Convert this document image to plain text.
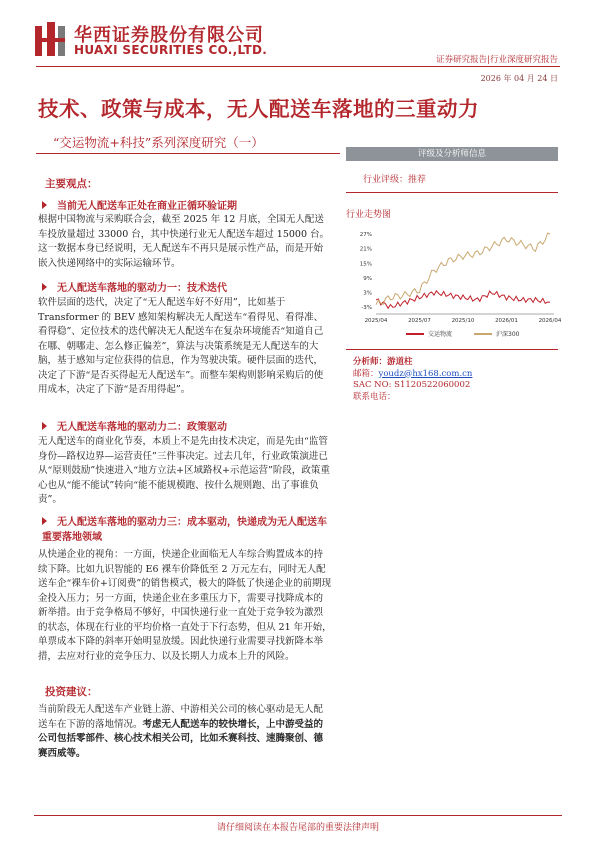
华西证券股份有限公司
HUAXI SECURITIES CO.,LTD.
证券研究报告|行业深度研究报告
2026 年 04 月 24 日
技术、政策与成本，无人配送车落地的三重动力
“交运物流+科技”系列深度研究（一）
主要观点：
当前无人配送车正处在商业正循环验证期
根据中国物流与采购联合会，截至 2025 年 12 月底，全国无人配送车投放量超过 33000 台，其中快递行业无人配送车超过 15000 台。这一数据本身已经说明，无人配送车不再只是展示性产品，而是开始嵌入快递网络中的实际运输环节。
无人配送车落地的驱动力一：技术迭代
软件层面的迭代，决定了“无人配送车好不好用”，比如基于 Transformer 的 BEV 感知架构解决无人配送车“看得见、看得准、看得稳”、定位技术的迭代解决无人配送车在复杂环境能否“知道自己在哪、朝哪走、怎么修正偏差”，算法与决策系统是无人配送车的大脑，基于感知与定位获得的信息，作为驾驶决策。硬件层面的迭代，决定了下游“是否买得起无人配送车”。而整车架构则影响采购后的使用成本，决定了下游“是否用得起”。
无人配送车落地的驱动力二：政策驱动
无人配送车的商业化节奏，本质上不是先由技术决定，而是先由“监管身份—路权边界—运营责任”三件事决定。过去几年，行业政策演进已从“原则鼓励”快速进入“地方立法+区域路权+示范运营”阶段，政策重心也从“能不能试”转向“能不能规模跑、按什么规则跑、出了事谁负责”。
无人配送车落地的驱动力三：成本驱动，快递成为无人配送车重要落地领域
从快递企业的视角：一方面，快递企业面临无人车综合购置成本的持续下降。比如九识智能的 E6 裸车价降低至 2 万元左右，同时无人配送车企“裸车价+订阅费”的销售模式，极大的降低了快递企业的前期现金投入压力；另一方面，快递企业在多重压力下，需要寻找降成本的新举措。由于竞争格局不够好，中国快递行业一直处于竞争较为激烈的状态，体现在行业的平均价格一直处于下行态势，但从 21 年开始，单票成本下降的斜率开始明显放缓。因此快递行业需要寻找新降本举措，去应对行业的竞争压力、以及长期人力成本上升的风险。
投资建议：
当前阶段无人配送车产业链上游、中游相关公司的核心驱动是无人配送车在下游的落地情况。考虑无人配送车的较快增长，上中游受益的公司包括零部件、核心技术相关公司，比如禾赛科技、速腾聚创、德赛西威等。
评级及分析师信息
行业评级：推荐
行业走势图
27%
21%
15%
9%
3%
-3%
2025/04	2025/07	2025/10	2026/01	2026/04
交运物流	沪深300
分析师：游道柱
邮箱：youdz@hx168.com.cn
SAC NO: S1120522060002
联系电话：
请仔细阅读在本报告尾部的重要法律声明
